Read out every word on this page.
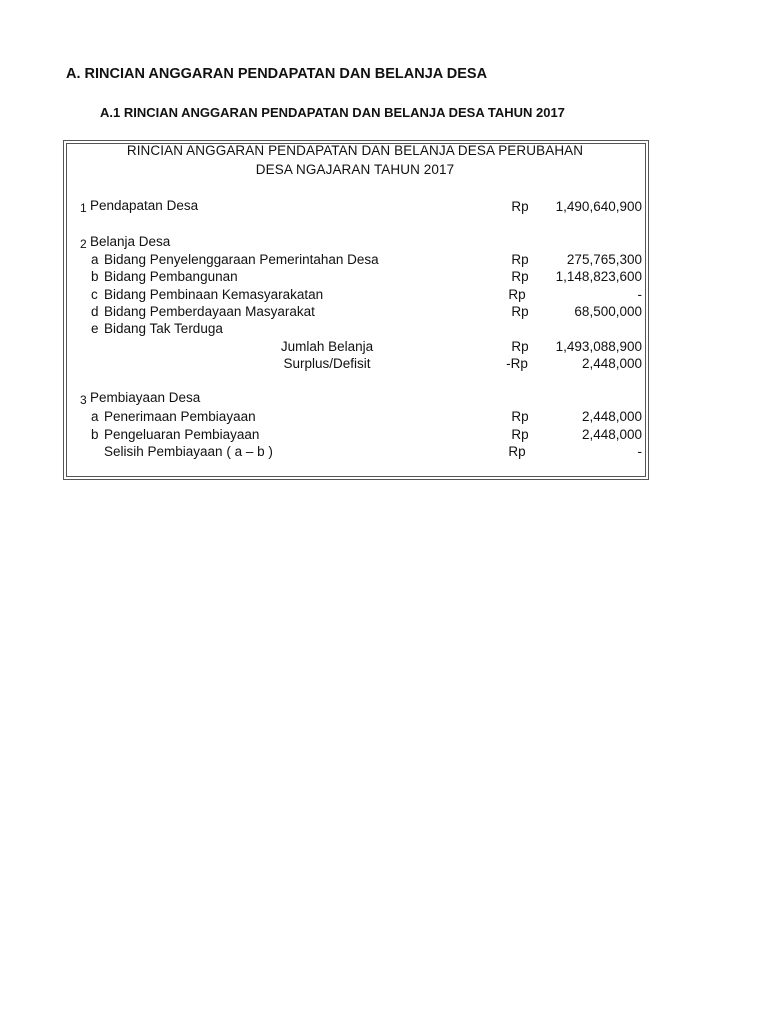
A. RINCIAN ANGGARAN PENDAPATAN DAN BELANJA DESA
A.1 RINCIAN ANGGARAN PENDAPATAN DAN BELANJA DESA TAHUN 2017
RINCIAN ANGGARAN PENDAPATAN DAN BELANJA DESA PERUBAHAN
DESA NGAJARAN TAHUN 2017
1 Pendapatan Desa	Rp	1,490,640,900
2 Belanja Desa
a Bidang Penyelenggaraan Pemerintahan Desa	Rp	275,765,300
b Bidang Pembangunan	Rp	1,148,823,600
c Bidang Pembinaan Kemasyarakatan	Rp	-
d Bidang Pemberdayaan Masyarakat	Rp	68,500,000
e Bidang Tak Terduga
Jumlah Belanja	Rp	1,493,088,900
Surplus/Defisit	-Rp	2,448,000
3 Pembiayaan Desa
a Penerimaan Pembiayaan	Rp	2,448,000
b Pengeluaran Pembiayaan	Rp	2,448,000
Selisih Pembiayaan ( a – b )	Rp	-
